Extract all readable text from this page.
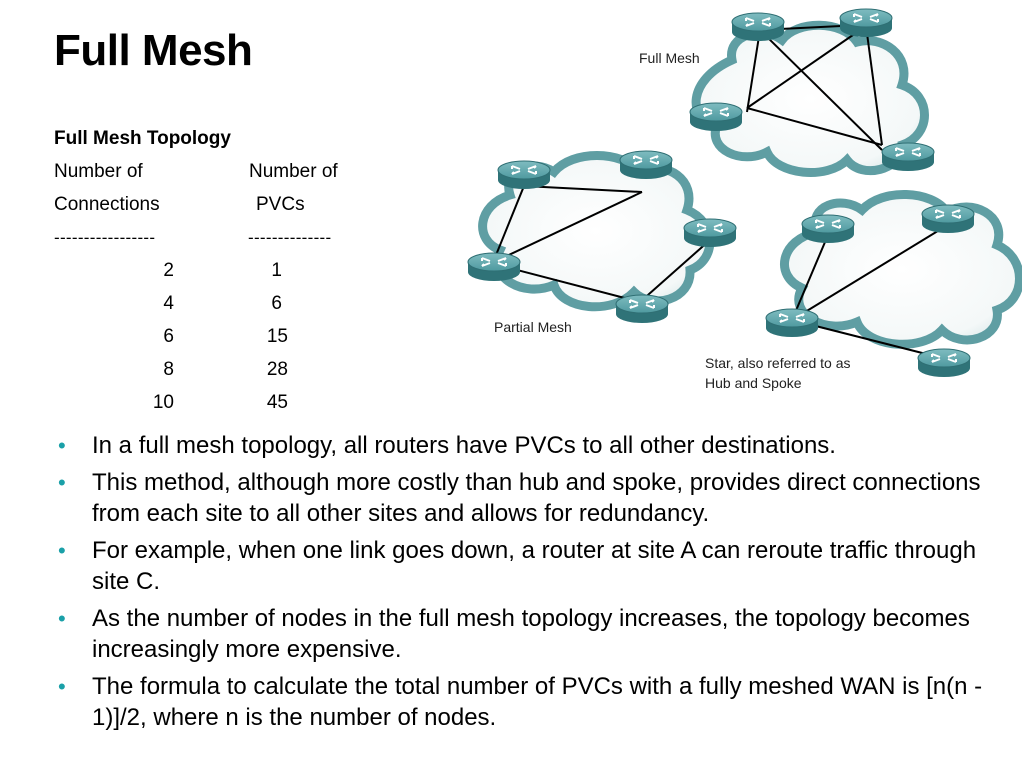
Full Mesh
Full Mesh Topology
Number of
Connections
Number of
PVCs
-----------------	--------------
2	1
4	6
6	15
8	28
10	45
Full Mesh
Partial Mesh
Star, also referred to as
Hub and Spoke
• In a full mesh topology, all routers have PVCs to all other destinations.
• This method, although more costly than hub and spoke, provides direct connections from each site to all other sites and allows for redundancy.
• For example, when one link goes down, a router at site A can reroute traffic through site C.
• As the number of nodes in the full mesh topology increases, the topology becomes increasingly more expensive.
• The formula to calculate the total number of PVCs with a fully meshed WAN is [n(n - 1)]/2, where n is the number of nodes.
